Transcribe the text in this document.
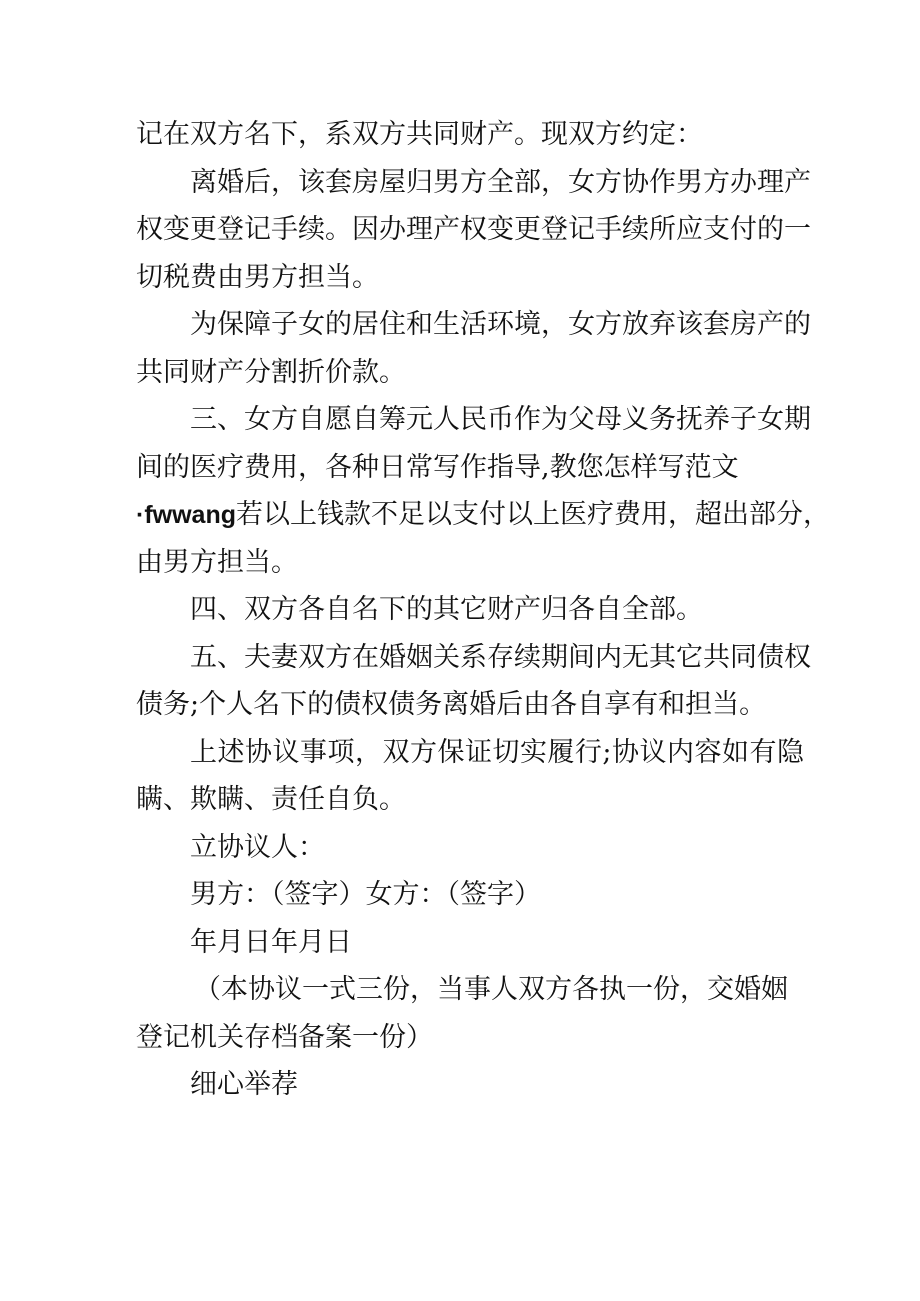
记在双方名下，系双方共同财产。现双方约定：
离婚后，该套房屋归男方全部，女方协作男方办理产
权变更登记手续。因办理产权变更登记手续所应支付的一
切税费由男方担当。
为保障子女的居住和生活环境，女方放弃该套房产的
共同财产分割折价款。
三、女方自愿自筹元人民币作为父母义务抚养子女期
间的医疗费用，各种日常写作指导,教您怎样写范文
·fwwang若以上钱款不足以支付以上医疗费用，超出部分，
由男方担当。
四、双方各自名下的其它财产归各自全部。
五、夫妻双方在婚姻关系存续期间内无其它共同债权
债务;个人名下的债权债务离婚后由各自享有和担当。
上述协议事项，双方保证切实履行;协议内容如有隐
瞒、欺瞒、责任自负。
立协议人：
男方：（签字）女方：（签字）
年月日年月日
（本协议一式三份，当事人双方各执一份，交婚姻
登记机关存档备案一份）
细心举荐
